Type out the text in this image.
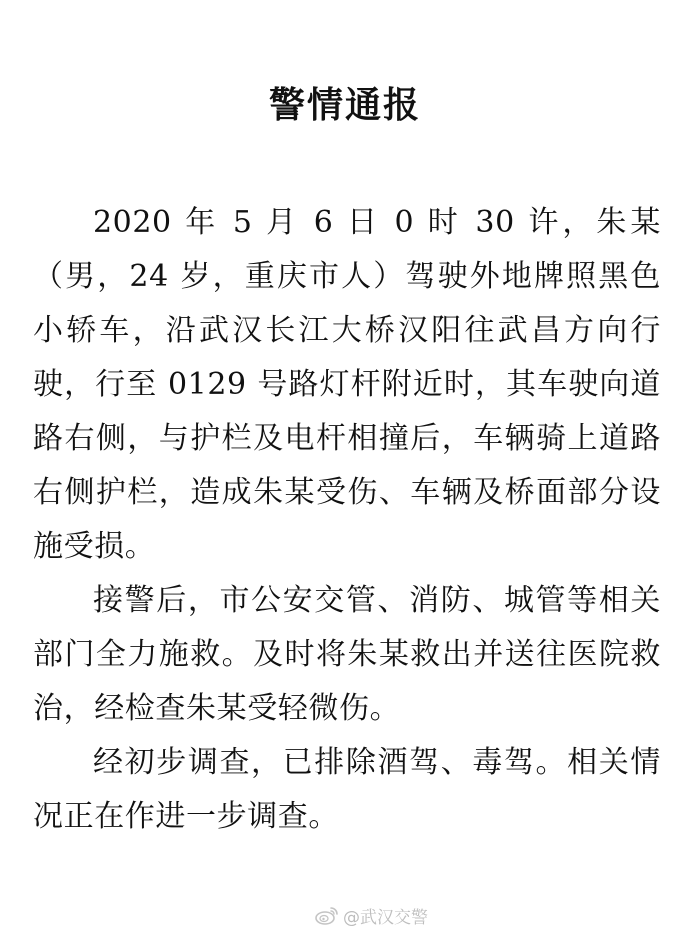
警情通报

2020 年 5 月 6 日 0 时 30 许，朱某（男，24 岁，重庆市人）驾驶外地牌照黑色小轿车，沿武汉长江大桥汉阳往武昌方向行驶，行至 0129 号路灯杆附近时，其车驶向道路右侧，与护栏及电杆相撞后，车辆骑上道路右侧护栏，造成朱某受伤、车辆及桥面部分设施受损。

接警后，市公安交管、消防、城管等相关部门全力施救。及时将朱某救出并送往医院救治，经检查朱某受轻微伤。

经初步调查，已排除酒驾、毒驾。相关情况正在作进一步调查。

@武汉交警
